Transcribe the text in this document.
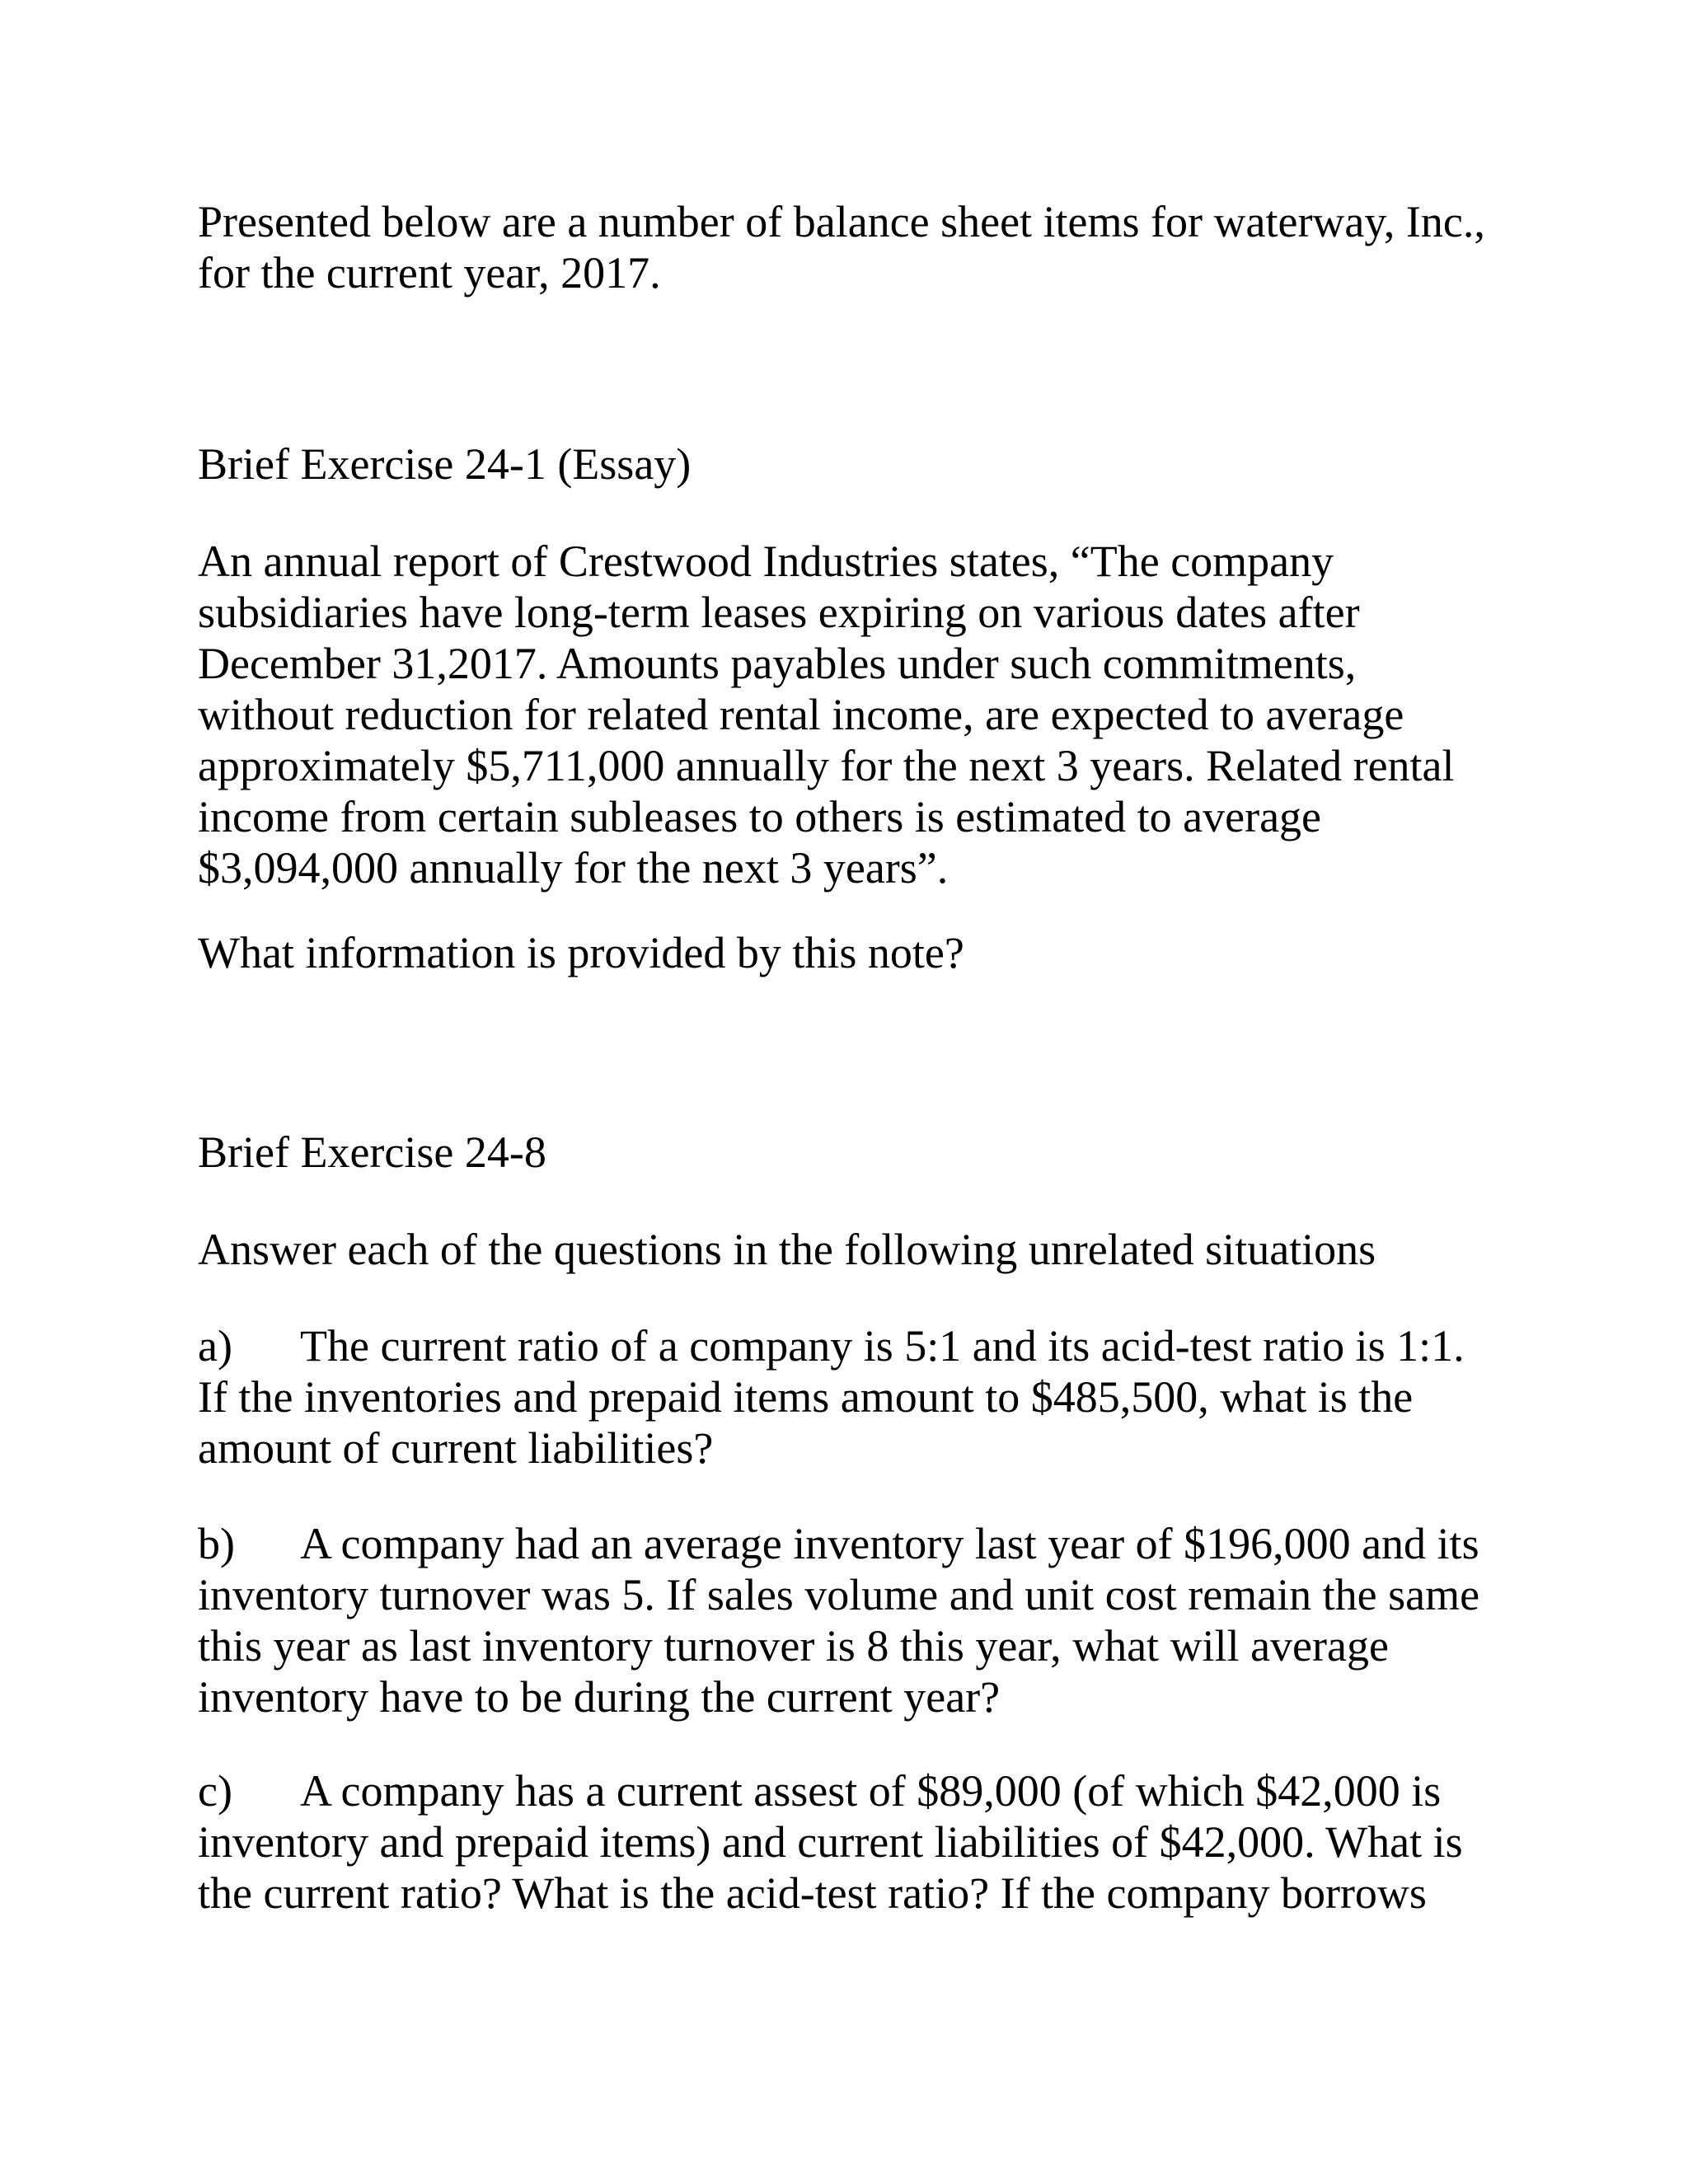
Presented below are a number of balance sheet items for waterway, Inc.,
for the current year, 2017.
Brief Exercise 24-1 (Essay)
An annual report of Crestwood Industries states, “The company
subsidiaries have long-term leases expiring on various dates after
December 31,2017. Amounts payables under such commitments,
without reduction for related rental income, are expected to average
approximately $5,711,000 annually for the next 3 years. Related rental
income from certain subleases to others is estimated to average
$3,094,000 annually for the next 3 years”.
What information is provided by this note?
Brief Exercise 24-8
Answer each of the questions in the following unrelated situations
a) The current ratio of a company is 5:1 and its acid-test ratio is 1:1.
If the inventories and prepaid items amount to $485,500, what is the
amount of current liabilities?
b) A company had an average inventory last year of $196,000 and its
inventory turnover was 5. If sales volume and unit cost remain the same
this year as last inventory turnover is 8 this year, what will average
inventory have to be during the current year?
c) A company has a current assest of $89,000 (of which $42,000 is
inventory and prepaid items) and current liabilities of $42,000. What is
the current ratio? What is the acid-test ratio? If the company borrows
